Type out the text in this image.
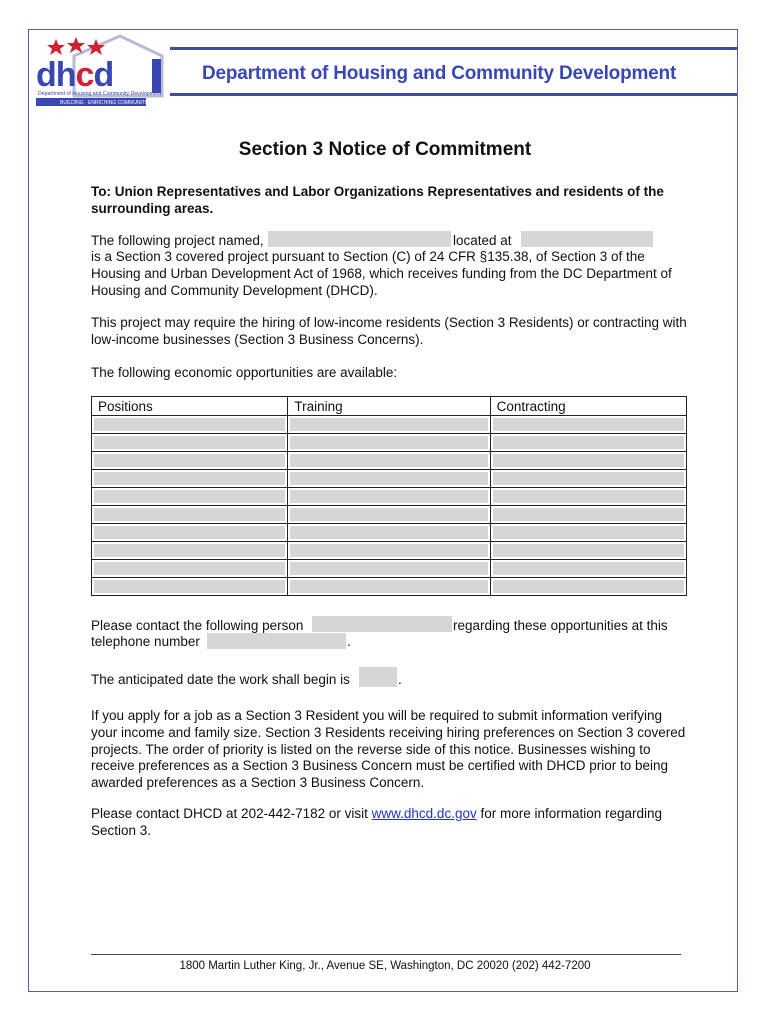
dhcd
Department of Housing and Community Development
BUILDING · ENRICHING COMMUNITIES
Department of Housing and Community Development
Section 3 Notice of Commitment
To: Union Representatives and Labor Organizations Representatives and residents of the surrounding areas.
The following project named,	located at
is a Section 3 covered project pursuant to Section (C) of 24 CFR §135.38, of Section 3 of the Housing and Urban Development Act of 1968, which receives funding from the DC Department of Housing and Community Development (DHCD).
This project may require the hiring of low-income residents (Section 3 Residents) or contracting with low-income businesses (Section 3 Business Concerns).
The following economic opportunities are available:
Positions	Training	Contracting

Please contact the following person	regarding these opportunities at this
telephone number	.
The anticipated date the work shall begin is	.
If you apply for a job as a Section 3 Resident you will be required to submit information verifying your income and family size. Section 3 Residents receiving hiring preferences on Section 3 covered projects. The order of priority is listed on the reverse side of this notice. Businesses wishing to receive preferences as a Section 3 Business Concern must be certified with DHCD prior to being awarded preferences as a Section 3 Business Concern.
Please contact DHCD at 202-442-7182 or visit www.dhcd.dc.gov for more information regarding Section 3.
1800 Martin Luther King, Jr., Avenue SE, Washington, DC 20020 (202) 442-7200
